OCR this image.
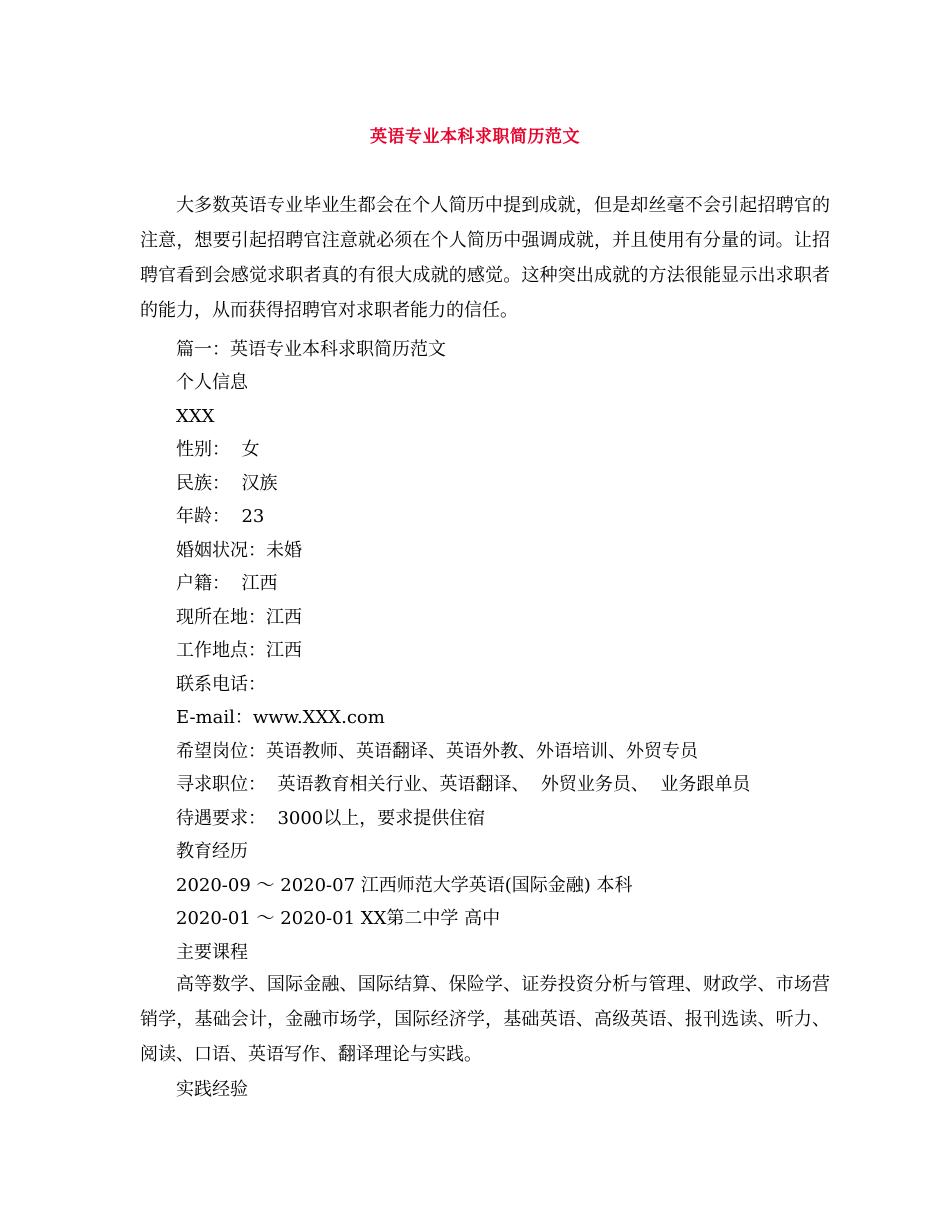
英语专业本科求职简历范文

大多数英语专业毕业生都会在个人简历中提到成就，但是却丝毫不会引起招聘官的注意，想要引起招聘官注意就必须在个人简历中强调成就，并且使用有分量的词。让招聘官看到会感觉求职者真的有很大成就的感觉。这种突出成就的方法很能显示出求职者的能力，从而获得招聘官对求职者能力的信任。

篇一：英语专业本科求职简历范文

个人信息

XXX

性别：  女

民族：  汉族

年龄：  23

婚姻状况：未婚

户籍：  江西

现所在地：江西

工作地点：江西

联系电话：

E-mail：www.XXX.com

希望岗位：英语教师、英语翻译、英语外教、外语培训、外贸专员

寻求职位：  英语教育相关行业、英语翻译、  外贸业务员、  业务跟单员

待遇要求：  3000以上，要求提供住宿

教育经历

2020-09 ～ 2020-07 江西师范大学英语(国际金融) 本科

2020-01 ～ 2020-01 XX第二中学 高中

主要课程

高等数学、国际金融、国际结算、保险学、证券投资分析与管理、财政学、市场营销学，基础会计，金融市场学，国际经济学，基础英语、高级英语、报刊选读、听力、阅读、口语、英语写作、翻译理论与实践。

实践经验
